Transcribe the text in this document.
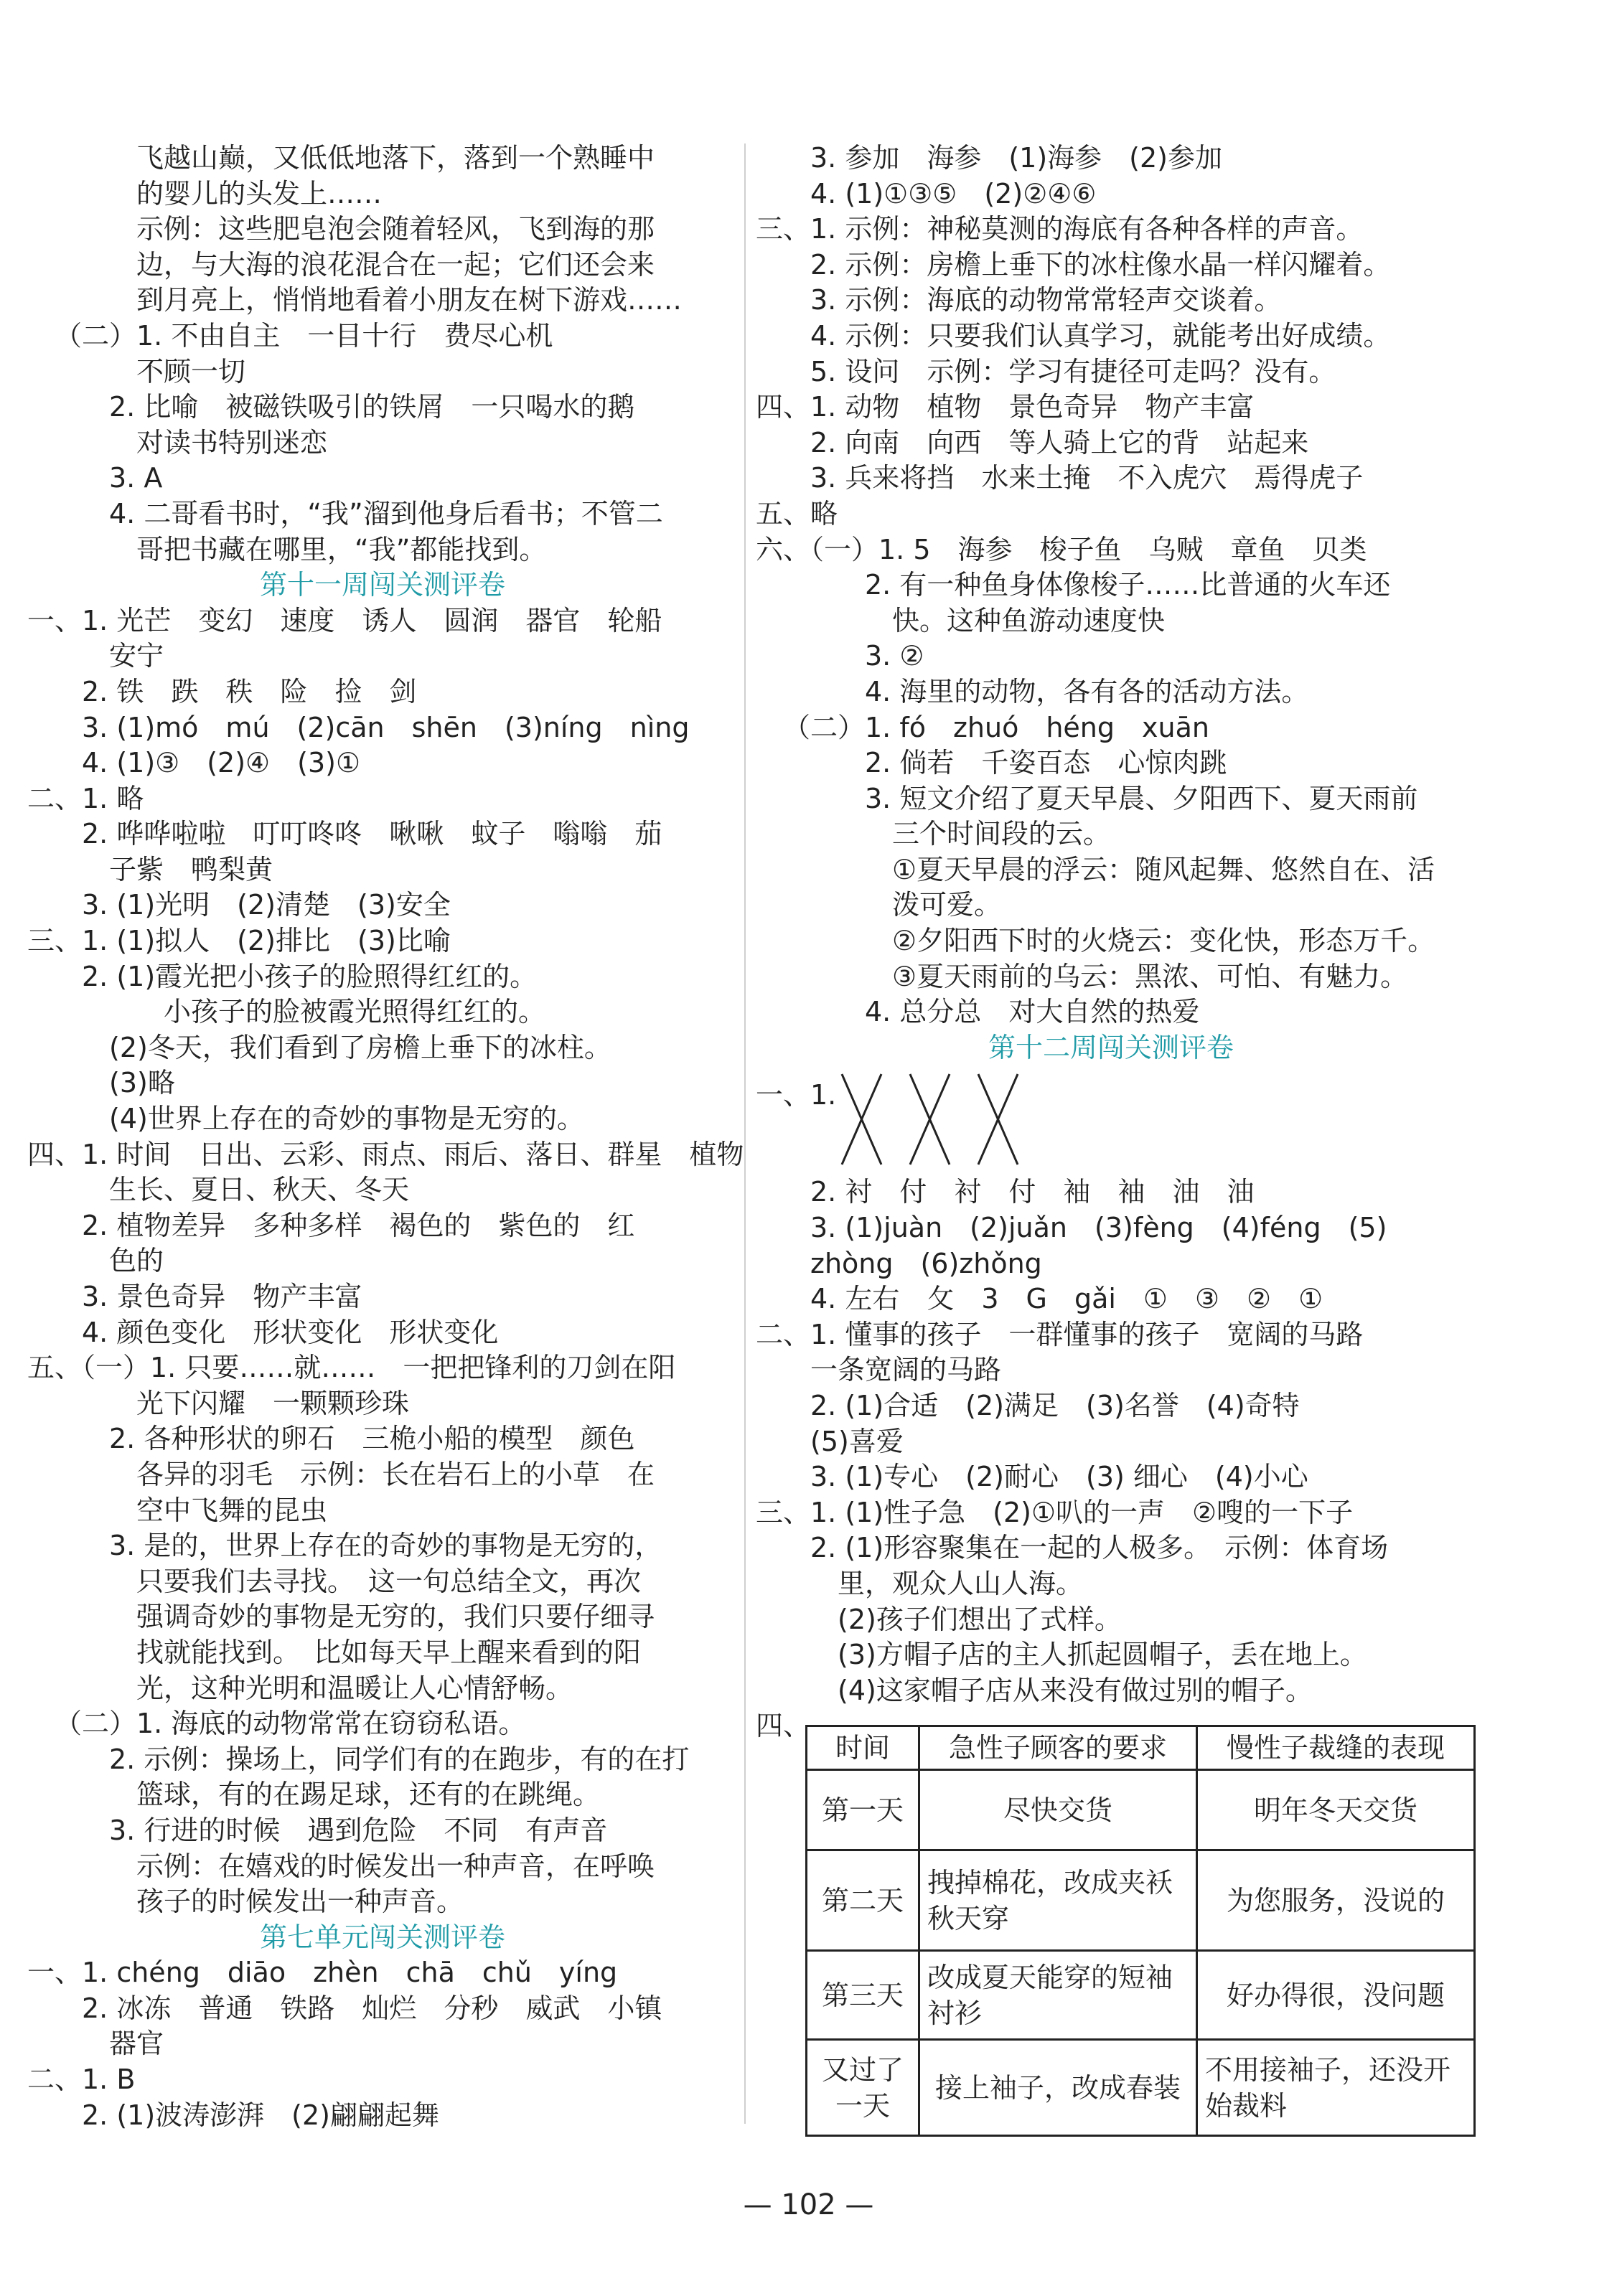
飞越山巅，又低低地落下，落到一个熟睡中
的婴儿的头发上……
示例：这些肥皂泡会随着轻风，飞到海的那
边，与大海的浪花混合在一起；它们还会来
到月亮上，悄悄地看着小朋友在树下游戏……
（二）1. 不由自主　一目十行　费尽心机
不顾一切
2. 比喻　被磁铁吸引的铁屑　一只喝水的鹅
对读书特别迷恋
3. A
4. 二哥看书时，“我”溜到他身后看书；不管二
哥把书藏在哪里，“我”都能找到。
第十一周闯关测评卷
一、1. 光芒　变幻　速度　诱人　圆润　器官　轮船
安宁
2. 铁　跌　秩　险　捡　剑
3. (1)mó　mú　(2)cān　shēn　(3)níng　nìng
4. (1)③　(2)④　(3)①
二、1. 略
2. 哗哗啦啦　叮叮咚咚　啾啾　蚊子　嗡嗡　茄
子紫　鸭梨黄
3. (1)光明　(2)清楚　(3)安全
三、1. (1)拟人　(2)排比　(3)比喻
2. (1)霞光把小孩子的脸照得红红的。
小孩子的脸被霞光照得红红的。
(2)冬天，我们看到了房檐上垂下的冰柱。
(3)略
(4)世界上存在的奇妙的事物是无穷的。
四、1. 时间　日出、云彩、雨点、雨后、落日、群星　植物
生长、夏日、秋天、冬天
2. 植物差异　多种多样　褐色的　紫色的　红
色的
3. 景色奇异　物产丰富
4. 颜色变化　形状变化　形状变化
五、（一）1. 只要……就……　一把把锋利的刀剑在阳
光下闪耀　一颗颗珍珠
2. 各种形状的卵石　三桅小船的模型　颜色
各异的羽毛　示例：长在岩石上的小草　在
空中飞舞的昆虫
3. 是的，世界上存在的奇妙的事物是无穷的，
只要我们去寻找。　这一句总结全文，再次
强调奇妙的事物是无穷的，我们只要仔细寻
找就能找到。　比如每天早上醒来看到的阳
光，这种光明和温暖让人心情舒畅。
（二）1. 海底的动物常常在窃窃私语。
2. 示例：操场上，同学们有的在跑步，有的在打
篮球，有的在踢足球，还有的在跳绳。
3. 行进的时候　遇到危险　不同　有声音
示例：在嬉戏的时候发出一种声音，在呼唤
孩子的时候发出一种声音。
第七单元闯关测评卷
一、1. chéng　diāo　zhèn　chā　chǔ　yíng
2. 冰冻　普通　铁路　灿烂　分秒　威武　小镇
器官
二、1. B
2. (1)波涛澎湃　(2)翩翩起舞
3. 参加　海参　(1)海参　(2)参加
4. (1)①③⑤　(2)②④⑥
三、1. 示例：神秘莫测的海底有各种各样的声音。
2. 示例：房檐上垂下的冰柱像水晶一样闪耀着。
3. 示例：海底的动物常常轻声交谈着。
4. 示例：只要我们认真学习，就能考出好成绩。
5. 设问　示例：学习有捷径可走吗？没有。
四、1. 动物　植物　景色奇异　物产丰富
2. 向南　向西　等人骑上它的背　站起来
3. 兵来将挡　水来土掩　不入虎穴　焉得虎子
五、略
六、（一）1. 5　海参　梭子鱼　乌贼　章鱼　贝类
2. 有一种鱼身体像梭子……比普通的火车还
快。这种鱼游动速度快
3. ②
4. 海里的动物，各有各的活动方法。
（二）1. fó　zhuó　héng　xuān
2. 倘若　千姿百态　心惊肉跳
3. 短文介绍了夏天早晨、夕阳西下、夏天雨前
三个时间段的云。
①夏天早晨的浮云：随风起舞、悠然自在、活
泼可爱。
②夕阳西下时的火烧云：变化快，形态万千。
③夏天雨前的乌云：黑浓、可怕、有魅力。
4. 总分总　对大自然的热爱
第十二周闯关测评卷
一、1.
2. 衬　付　衬　付　袖　袖　油　油
3. (1)juàn　(2)juǎn　(3)fèng　(4)féng　(5)
zhòng　(6)zhǒng
4. 左右　攵　3　G　gǎi　①　③　②　①
二、1. 懂事的孩子　一群懂事的孩子　宽阔的马路
一条宽阔的马路
2. (1)合适　(2)满足　(3)名誉　(4)奇特
(5)喜爱
3. (1)专心　(2)耐心　(3) 细心　(4)小心
三、1. (1)性子急　(2)①叭的一声　②嗖的一下子
2. (1)形容聚集在一起的人极多。　示例：体育场
里，观众人山人海。
(2)孩子们想出了式样。
(3)方帽子店的主人抓起圆帽子，丢在地上。
(4)这家帽子店从来没有做过别的帽子。
四、
时间	急性子顾客的要求	慢性子裁缝的表现
第一天	尽快交货	明年冬天交货
第二天	拽掉棉花，改成夹袄秋天穿	为您服务，没说的
第三天	改成夏天能穿的短袖衬衫	好办得很，没问题
又过了一天	接上袖子，改成春装	不用接袖子，还没开始裁料
— 102 —
